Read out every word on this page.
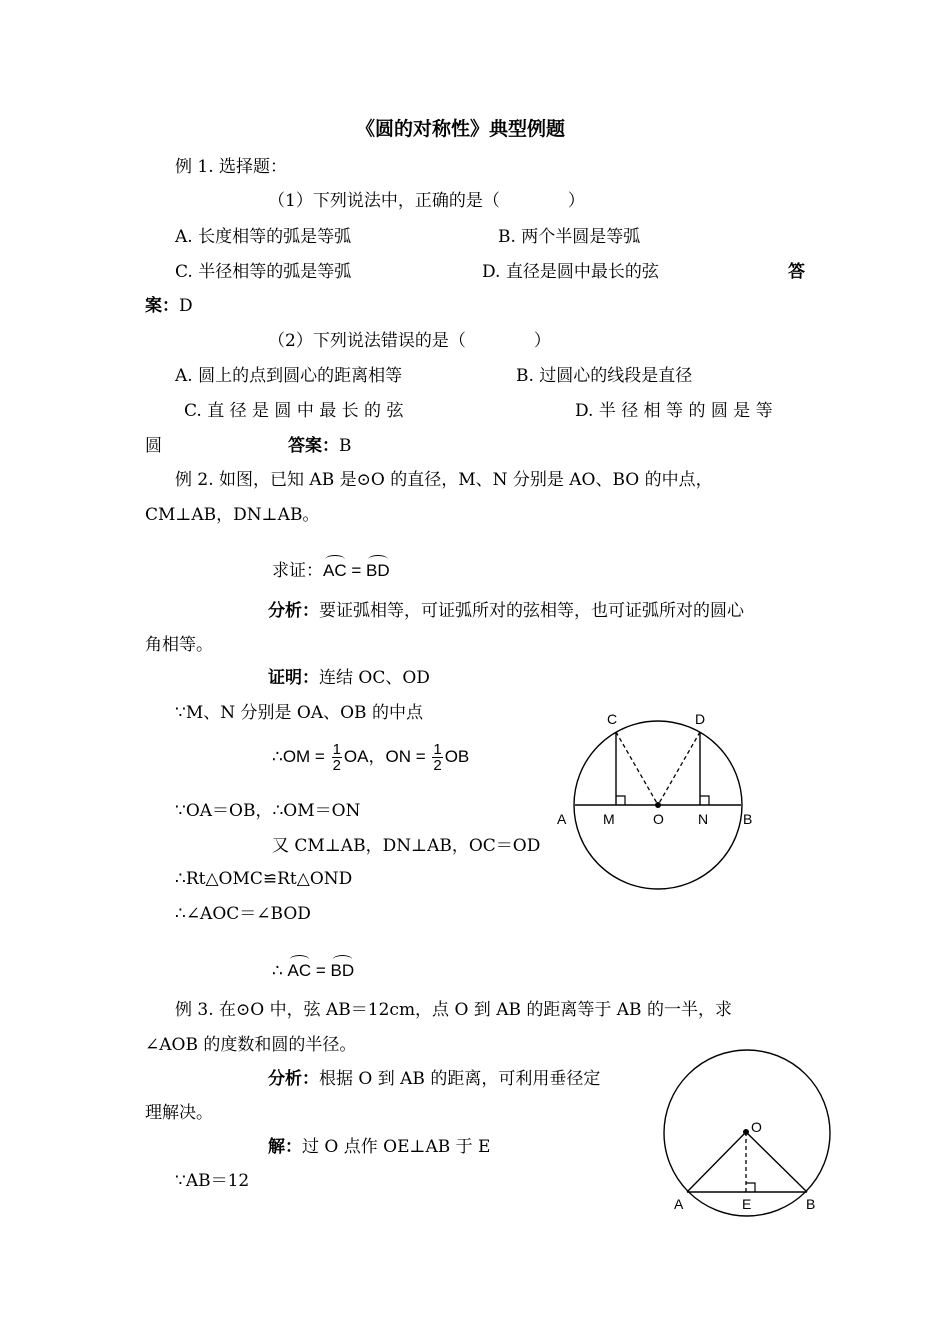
《圆的对称性》典型例题
例 1. 选择题：
（1）下列说法中，正确的是（　　　　）
A. 长度相等的弧是等弧	B. 两个半圆是等弧
C. 半径相等的弧是等弧	D. 直径是圆中最长的弦	答
案：D
（2）下列说法错误的是（　　　　）
A. 圆上的点到圆心的距离相等	B. 过圆心的线段是直径
C. 直 径 是 圆 中 最 长 的 弦	D. 半 径 相 等 的 圆 是 等
圆	答案：B
例 2. 如图，已知 AB 是⊙O 的直径，M、N 分别是 AO、BO 的中点，
CM⊥AB，DN⊥AB。
求证：AC = BD
分析：要证弧相等，可证弧所对的弦相等，也可证弧所对的圆心
角相等。
证明：连结 OC、OD
∵M、N 分别是 OA、OB 的中点
∴OM = $\frac{1}{2}$ OA，ON = $\frac{1}{2}$ OB
∵OA＝OB，∴OM＝ON
又 CM⊥AB，DN⊥AB，OC＝OD
∴Rt△OMC≌Rt△OND
∴∠AOC＝∠BOD
∴ AC = BD
C	D
A	M	O N B
例 3. 在⊙O 中，弦 AB＝12cm，点 O 到 AB 的距离等于 AB 的一半，求
∠AOB 的度数和圆的半径。
分析：根据 O 到 AB 的距离，可利用垂径定
理解决。
解：过 O 点作 OE⊥AB 于 E
∵AB＝12
O
A	E	B
